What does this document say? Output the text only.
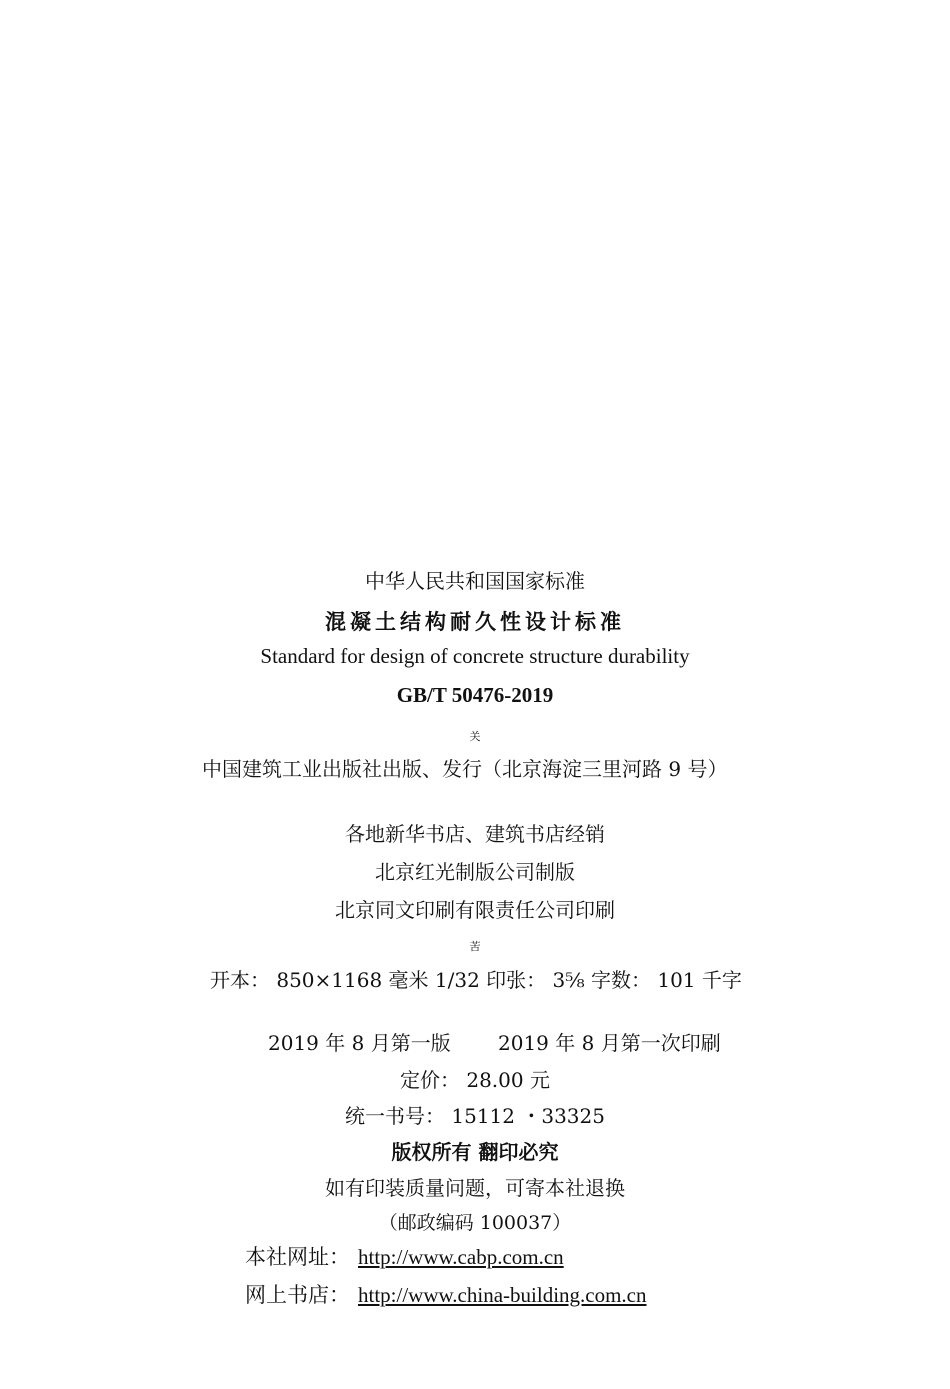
中华人民共和国国家标准
混凝土结构耐久性设计标准
Standard for design of concrete structure durability
GB/T 50476-2019
关
中国建筑工业出版社出版、发行（北京海淀三里河路 9 号）
各地新华书店、建筑书店经销
北京红光制版公司制版
北京同文印刷有限责任公司印刷
苦
开本： 850×1168 毫米 1/32 印张： 3⅝ 字数： 101 千字
2019 年 8 月第一版 2019 年 8 月第一次印刷
定价： 28.00 元
统一书号： 15112 ・33325
版权所有 翻印必究
如有印装质量问题，可寄本社退换
（邮政编码 100037）
本社网址： http://www.cabp.com.cn
网上书店： http://www.china-building.com.cn
